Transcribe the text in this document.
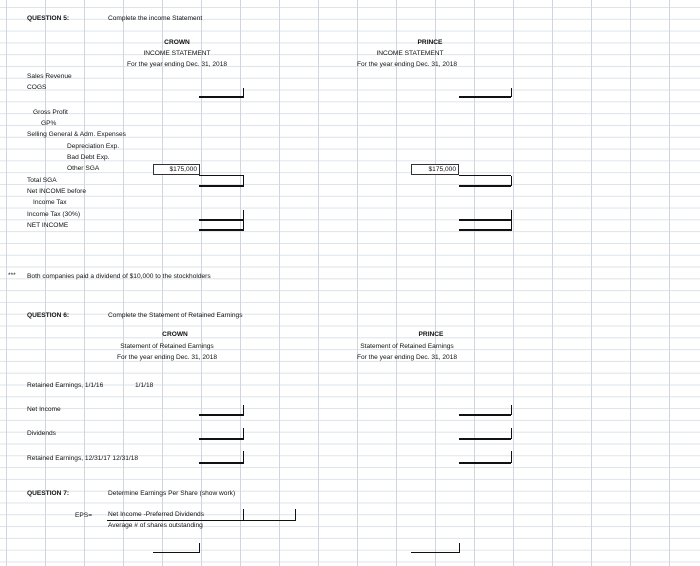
QUESTION 5:	Complete the income Statement
CROWN
INCOME STATEMENT
For the year ending Dec. 31, 2018
PRINCE
INCOME STATEMENT
For the year ending Dec. 31, 2018
Sales Revenue
COGS
Gross Profit
GP%
Selling General & Adm. Expenses
Depreciation Exp.
Bad Debt Exp.
Other SGA	$175,000	$175,000
Total SGA
Net INCOME before
Income Tax
Income Tax (30%)
NET INCOME
*** Both companies paid a dividend of $10,000 to the stockholders
QUESTION 6:	Complete the Statement of Retained Earnings
CROWN
Statement of Retained Earnings
For the year ending Dec. 31, 2018
PRINCE
Statement of Retained Earnings
For the year ending Dec. 31, 2018
Retained Earnings, 1/1/16	1/1/18
Net Income
Dividends
Retained Earnings, 12/31/17 12/31/18
QUESTION 7:	Determine Earnings Per Share (show work)
EPS= Net Income -Preferred Dividends
Average # of shares outstanding
